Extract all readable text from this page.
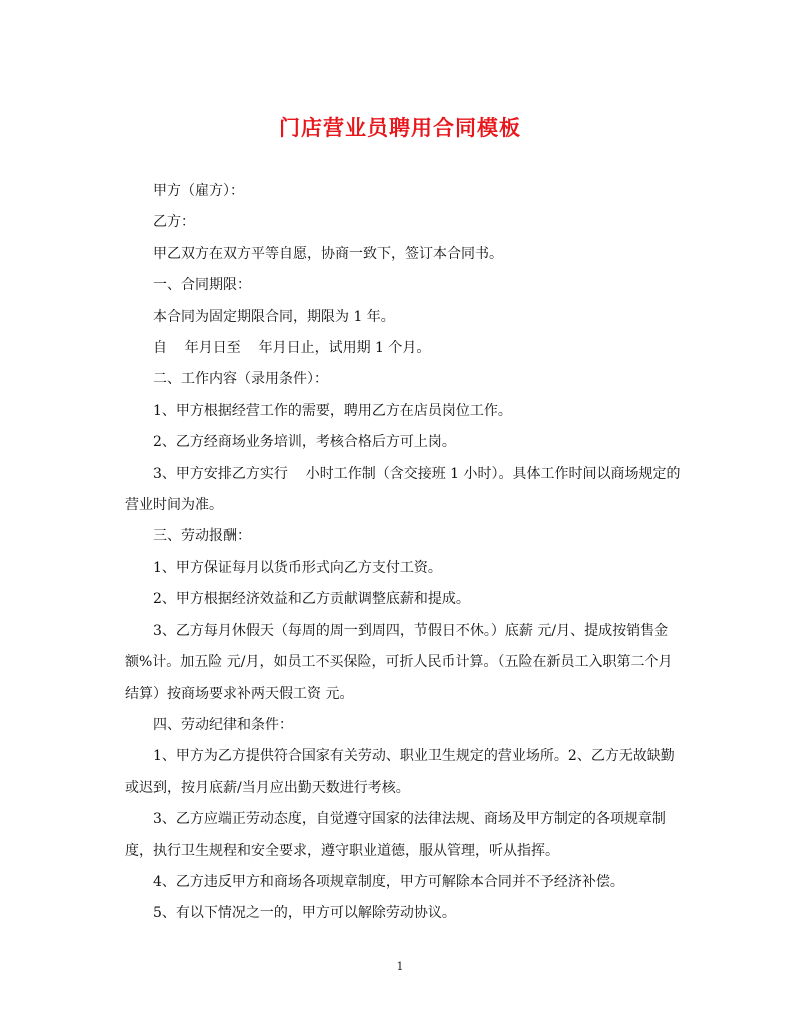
门店营业员聘用合同模板

甲方（雇方）：

乙方：

甲乙双方在双方平等自愿，协商一致下，签订本合同书。

一、合同期限：

本合同为固定期限合同，期限为 1 年。

自    年月日至    年月日止，试用期 1 个月。

二、工作内容（录用条件）：

1、甲方根据经营工作的需要，聘用乙方在店员岗位工作。

2、乙方经商场业务培训，考核合格后方可上岗。

3、甲方安排乙方实行    小时工作制（含交接班 1 小时）。具体工作时间以商场规定的营业时间为准。

三、劳动报酬：

1、甲方保证每月以货币形式向乙方支付工资。

2、甲方根据经济效益和乙方贡献调整底薪和提成。

3、乙方每月休假天（每周的周一到周四，节假日不休。）底薪 元/月、提成按销售金额%计。加五险 元/月，如员工不买保险，可折人民币计算。（五险在新员工入职第二个月结算）按商场要求补两天假工资 元。

四、劳动纪律和条件：

1、甲方为乙方提供符合国家有关劳动、职业卫生规定的营业场所。2、乙方无故缺勤或迟到，按月底薪/当月应出勤天数进行考核。

3、乙方应端正劳动态度，自觉遵守国家的法律法规、商场及甲方制定的各项规章制度，执行卫生规程和安全要求，遵守职业道德，服从管理，听从指挥。

4、乙方违反甲方和商场各项规章制度，甲方可解除本合同并不予经济补偿。

5、有以下情况之一的，甲方可以解除劳动协议。

1
